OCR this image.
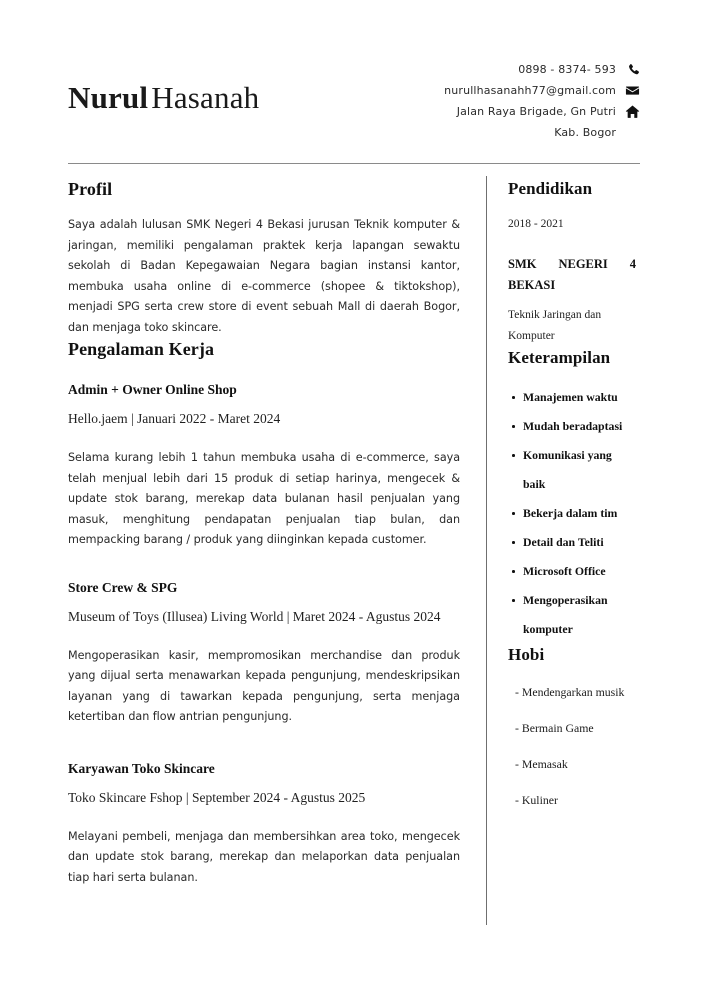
NurulHasanah
0898 - 8374- 593
nurullhasanahh77@gmail.com
Jalan Raya Brigade, Gn Putri
Kab. Bogor
Profil
Saya adalah lulusan SMK Negeri 4 Bekasi jurusan Teknik komputer & jaringan, memiliki pengalaman praktek kerja lapangan sewaktu sekolah di Badan Kepegawaian Negara bagian instansi kantor, membuka usaha online di e-commerce (shopee & tiktokshop), menjadi SPG serta crew store di event sebuah Mall di daerah Bogor, dan menjaga toko skincare.
Pengalaman Kerja
Admin + Owner Online Shop
Hello.jaem | Januari 2022 - Maret 2024
Selama kurang lebih 1 tahun membuka usaha di e-commerce, saya telah menjual lebih dari 15 produk di setiap harinya, mengecek & update stok barang, merekap data bulanan hasil penjualan yang masuk, menghitung pendapatan penjualan tiap bulan, dan mempacking barang / produk yang diinginkan kepada customer.
Store Crew & SPG
Museum of Toys (Illusea) Living World | Maret 2024 - Agustus 2024
Mengoperasikan kasir, mempromosikan merchandise dan produk yang dijual serta menawarkan kepada pengunjung, mendeskripsikan layanan yang di tawarkan kepada pengunjung, serta menjaga ketertiban dan flow antrian pengunjung.
Karyawan Toko Skincare
Toko Skincare Fshop | September 2024 - Agustus 2025
Melayani pembeli, menjaga dan membersihkan area toko, mengecek dan update stok barang, merekap dan melaporkan data penjualan tiap hari serta bulanan.
Pendidikan
2018 - 2021
SMK NEGERI 4 BEKASI
Teknik Jaringan dan Komputer
Keterampilan
Manajemen waktu
Mudah beradaptasi
Komunikasi yang
baik
Bekerja dalam tim
Detail dan Teliti
Microsoft Office
Mengoperasikan
komputer
Hobi
- Mendengarkan musik
- Bermain Game
- Memasak
- Kuliner
